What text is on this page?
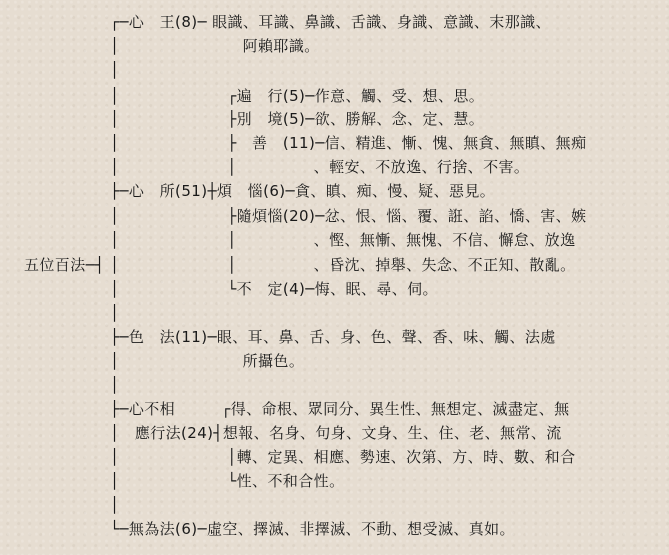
五位百法─┤
┌─心　王(8)─ 眼識、耳識、鼻識、舌識、身識、意識、末那識、
│　　　　　　　　阿賴耶識。
│
│　　　　　　　┌遍　行(5)─作意、觸、受、想、思。
│　　　　　　　├別　境(5)─欲、勝解、念、定、慧。
│　　　　　　　├　善　(11)─信、精進、慚、愧、無貪、無瞋、無痴
│　　　　　　　│　　　　　、輕安、不放逸、行捨、不害。
├─心　所(51)┼煩　惱(6)─貪、瞋、痴、慢、疑、惡見。
│　　　　　　　├隨煩惱(20)─忿、恨、惱、覆、誑、諂、憍、害、嫉
│　　　　　　　│　　　　　、慳、無慚、無愧、不信、懈怠、放逸
│　　　　　　　│　　　　　、昏沈、掉舉、失念、不正知、散亂。
│　　　　　　　└不　定(4)─悔、眠、尋、伺。
│
├─色　法(11)─眼、耳、鼻、舌、身、色、聲、香、味、觸、法處
│　　　　　　　　所攝色。
│
├─心不相　　　┌得、命根、眾同分、異生性、無想定、滅盡定、無
│　應行法(24)┤想報、名身、句身、文身、生、住、老、無常、流
│　　　　　　　│轉、定異、相應、勢速、次第、方、時、數、和合
│　　　　　　　└性、不和合性。
│
└─無為法(6)─虛空、擇滅、非擇滅、不動、想受滅、真如。
